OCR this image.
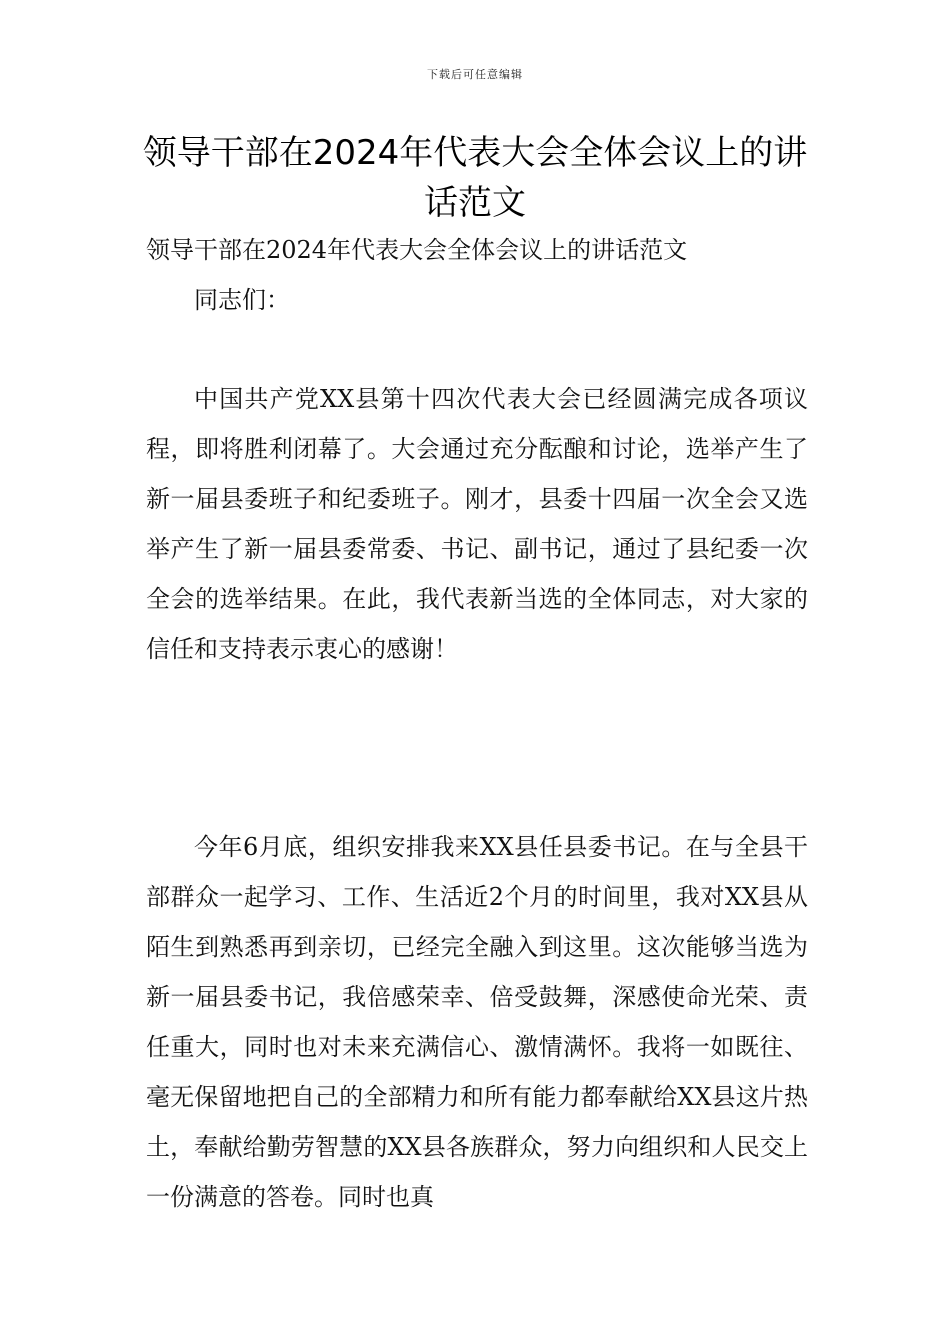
下载后可任意编辑
领导干部在2024年代表大会全体会议上的讲话范文

领导干部在2024年代表大会全体会议上的讲话范文

同志们：

中国共产党XX县第十四次代表大会已经圆满完成各项议程，即将胜利闭幕了。大会通过充分酝酿和讨论，选举产生了新一届县委班子和纪委班子。刚才，县委十四届一次全会又选举产生了新一届县委常委、书记、副书记，通过了县纪委一次全会的选举结果。在此，我代表新当选的全体同志，对大家的信任和支持表示衷心的感谢！

今年6月底，组织安排我来XX县任县委书记。在与全县干部群众一起学习、工作、生活近2个月的时间里，我对XX县从陌生到熟悉再到亲切，已经完全融入到这里。这次能够当选为新一届县委书记，我倍感荣幸、倍受鼓舞，深感使命光荣、责任重大，同时也对未来充满信心、激情满怀。我将一如既往、毫无保留地把自己的全部精力和所有能力都奉献给XX县这片热土，奉献给勤劳智慧的XX县各族群众，努力向组织和人民交上一份满意的答卷。同时也真
